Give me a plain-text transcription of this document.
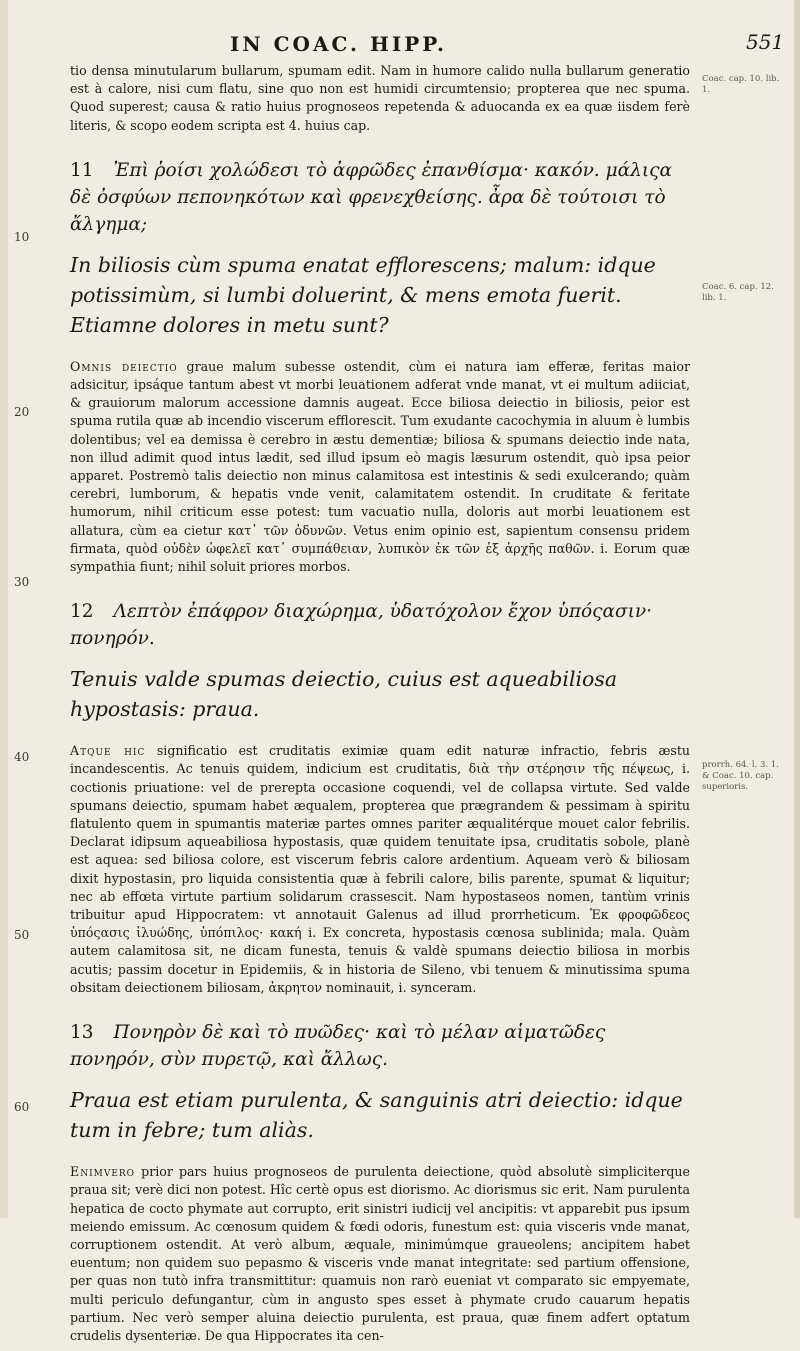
IN COAC. HIPP.	551
10
20
30
40
50
60
Coac. cap. 10. lib. 1.
Coac. 6. cap. 12. lib. 1.
prorrh. 64. l. 3. 1. & Coac. 10. cap. superioris.

tio densa minutularum bullarum, spumam edit. Nam in humore calido nulla bullarum generatio est à calore, nisi cum flatu, sine quo non est humidi circumtensio; propterea que nec spuma. Quod superest; causa & ratio huius prognoseos repetenda & aduocanda ex ea quæ iisdem ferè literis, & scopo eodem scripta est 4. huius cap.

11 Ἐπὶ ῥοίσι χολώδεσι τὸ ἀφρῶδες ἐπανθίσμα· κακόν. μάλιςα δὲ ὀσφύων πεπονηκότων καὶ φρενεχθείσης. ἆρα δὲ τούτοισι τὸ ἄλγημα;

In biliosis cùm spuma enatat efflorescens; malum: idque potissimùm, si lumbi doluerint, & mens emota fuerit. Etiamne dolores in metu sunt?

Omnis deiectio graue malum subesse ostendit, cùm ei natura iam efferæ, feritas maior adsicitur, ipsáque tantum abest vt morbi leuationem adferat vnde manat, vt ei multum adiiciat, & grauiorum malorum accessione damnis augeat. Ecce biliosa deiectio in biliosis, peior est spuma rutila quæ ab incendio viscerum efflorescit. Tum exudante cacochymia in aluum è lumbis dolentibus; vel ea demissa è cerebro in æstu dementiæ; biliosa & spumans deiectio inde nata, non illud adimit quod intus lædit, sed illud ipsum eò magis læsurum ostendit, quò ipsa peior apparet. Postremò talis deiectio non minus calamitosa est intestinis & sedi exulcerando; quàm cerebri, lumborum, & hepatis vnde venit, calamitatem ostendit. In cruditate & feritate humorum, nihil criticum esse potest: tum vacuatio nulla, doloris aut morbi leuationem est allatura, cùm ea cietur κατ᾽ τῶν ὀδυνῶν. Vetus enim opinio est, sapientum consensu pridem firmata, quòd οὐδὲν ὠφελεῖ κατ᾽ συμπάθειαν, λυπικὸν ἐκ τῶν ἐξ ἀρχῆς παθῶν. i. Eorum quæ sympathia fiunt; nihil soluit priores morbos.

12 Λεπτὸν ἐπάφρον διαχώρημα, ὑδατόχολον ἔχον ὑπόςασιν· πονηρόν.

Tenuis valde spumas deiectio, cuius est aqueabiliosa hypostasis: praua.

Atque hic significatio est cruditatis eximiæ quam edit naturæ infractio, febris æstu incandescentis. Ac tenuis quidem, indicium est cruditatis, διὰ τὴν στέρησιν τῆς πέψεως, i. coctionis priuatione: vel de prerepta occasione coquendi, vel de collapsa virtute. Sed valde spumans deiectio, spumam habet æqualem, propterea que prægrandem & pessimam à spiritu flatulento quem in spumantis materiæ partes omnes pariter æqualitérque mouet calor febrilis. Declarat idipsum aqueabiliosa hypostasis, quæ quidem tenuitate ipsa, cruditatis sobole, planè est aquea: sed biliosa colore, est viscerum febris calore ardentium. Aqueam verò & biliosam dixit hypostasin, pro liquida consistentia quæ à febrili calore, bilis parente, spumat & liquitur; nec ab effœta virtute partium solidarum crassescit. Nam hypostaseos nomen, tantùm vrinis tribuitur apud Hippocratem: vt annotauit Galenus ad illud prorrheticum. Ἐκ φροφῶδεος ὑπόςασις ἰλυώδης, ὑπόπιλος· κακή i. Ex concreta, hypostasis cœnosa sublinida; mala. Quàm autem calamitosa sit, ne dicam funesta, tenuis & valdè spumans deiectio biliosa in morbis acutis; passim docetur in Epidemiis, & in historia de Sileno, vbi tenuem & minutissima spuma obsitam deiectionem biliosam, ἀκρητον nominauit, i. synceram.

13 Πονηρὸν δὲ καὶ τὸ πυῶδες· καὶ τὸ μέλαν αἱματῶδες πονηρόν, σὺν πυρετῷ, καὶ ἄλλως.

Praua est etiam purulenta, & sanguinis atri deiectio: idque tum in febre; tum aliàs.

Enimvero prior pars huius prognoseos de purulenta deiectione, quòd absolutè simpliciterque praua sit; verè dici non potest. Hîc certè opus est diorismo. Ac diorismus sic erit. Nam purulenta hepatica de cocto phymate aut corrupto, erit sinistri iudicij vel ancipitis: vt apparebit pus ipsum meiendo emissum. Ac cœnosum quidem & fœdi odoris, funestum est: quia visceris vnde manat, corruptionem ostendit. At verò album, æquale, minimúmque graueolens; ancipitem habet euentum; non quidem suo pepasmo & visceris vnde manat integritate: sed partium offensione, per quas non tutò infra transmittitur: quamuis non rarò eueniat vt comparato sic empyemate, multi periculo defungantur, cùm in angusto spes esset à phymate crudo cauarum hepatis partium. Nec verò semper aluina deiectio purulenta, est praua, quæ finem adfert optatum crudelis dysenteriæ. De qua Hippocrates ita cen-
